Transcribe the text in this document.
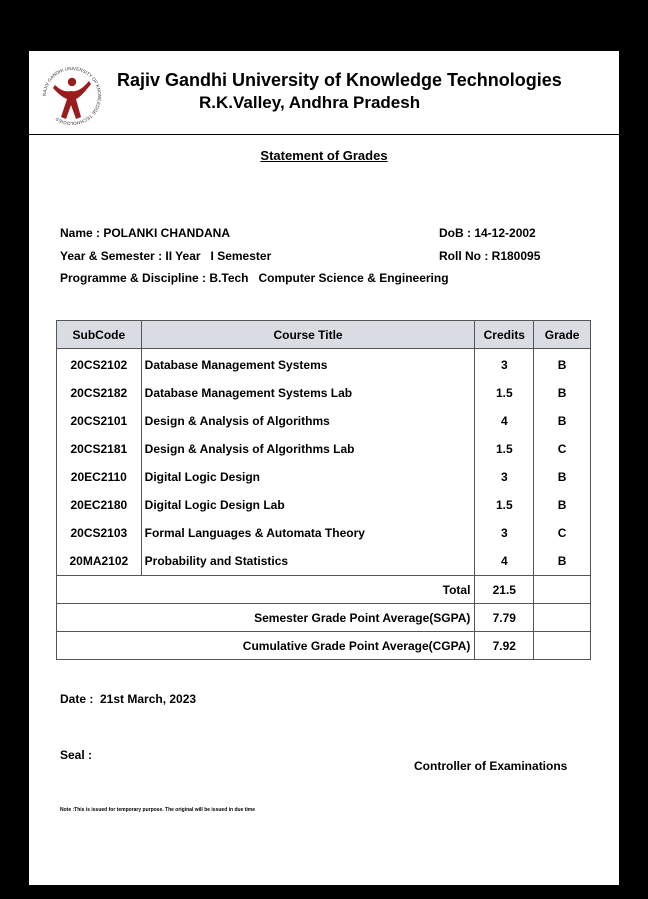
RAJIV GANDHI UNIVERSITY OF KNOWLEDGE TECHNOLOGIES
Rajiv Gandhi University of Knowledge Technologies
R.K.Valley, Andhra Pradesh
Statement of Grades
Name : POLANKI CHANDANA	DoB : 14-12-2002
Year & Semester : II Year   I Semester	Roll No : R180095
Programme & Discipline : B.Tech   Computer Science & Engineering
SubCode	Course Title	Credits	Grade
20CS2102	Database Management Systems	3	B
20CS2182	Database Management Systems Lab	1.5	B
20CS2101	Design & Analysis of Algorithms	4	B
20CS2181	Design & Analysis of Algorithms Lab	1.5	C
20EC2110	Digital Logic Design	3	B
20EC2180	Digital Logic Design Lab	1.5	B
20CS2103	Formal Languages & Automata Theory	3	C
20MA2102	Probability and Statistics	4	B
Total		21.5	
Semester Grade Point Average(SGPA)		7.79	
Cumulative Grade Point Average(CGPA)		7.92	
Date :  21st March, 2023
Seal :
Controller of Examinations
Note :This is issued for temporary purpose. The original will be issued in due time
